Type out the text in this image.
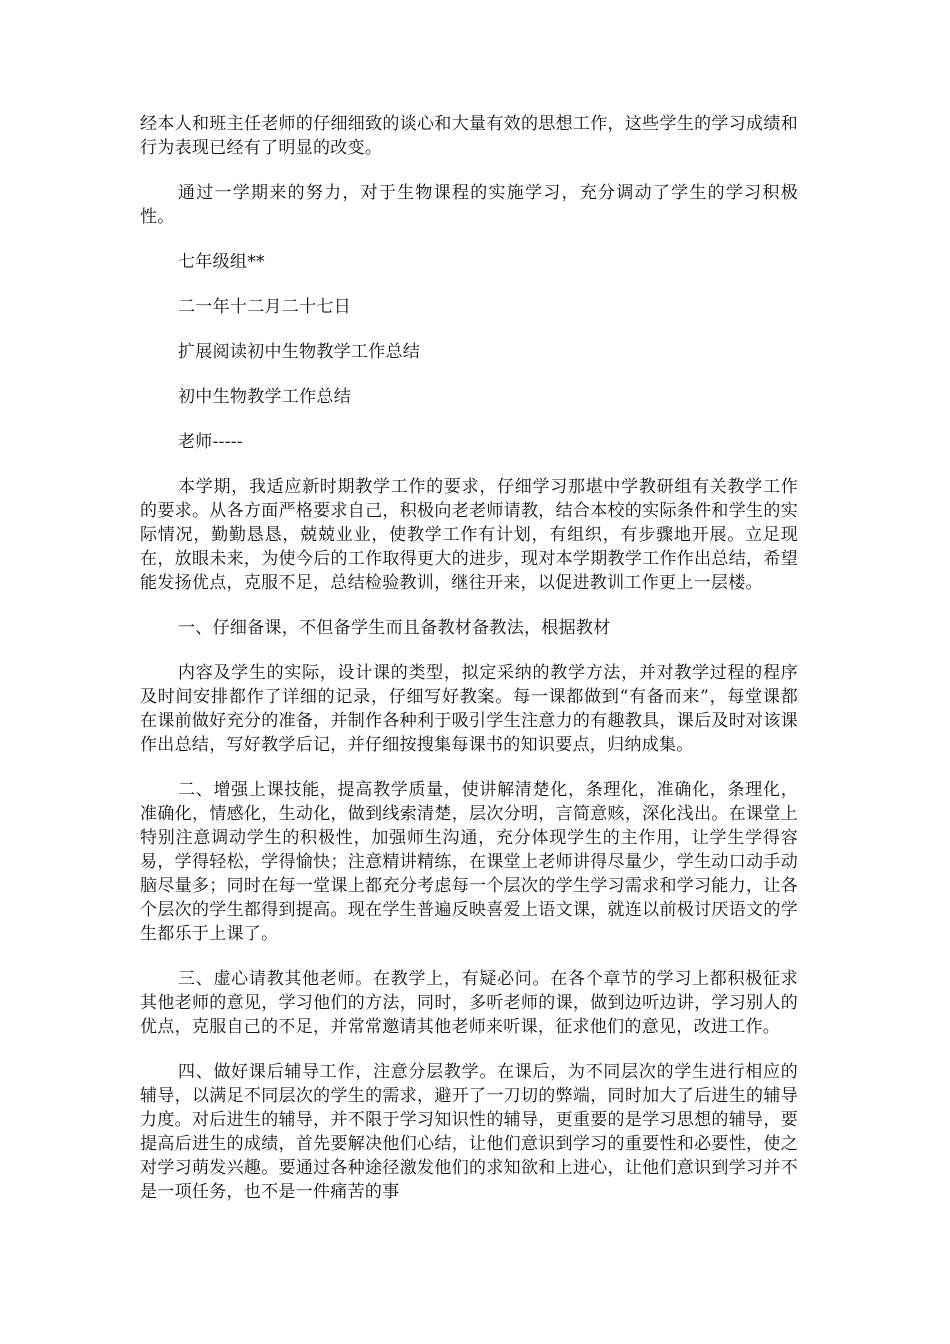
经本人和班主任老师的仔细细致的谈心和大量有效的思想工作，这些学生的学习成绩和行为表现已经有了明显的改变。

通过一学期来的努力，对于生物课程的实施学习，充分调动了学生的学习积极性。

七年级组**

二一年十二月二十七日

扩展阅读初中生物教学工作总结

初中生物教学工作总结

老师-----

本学期，我适应新时期教学工作的要求，仔细学习那堪中学教研组有关教学工作的要求。从各方面严格要求自己，积极向老老师请教，结合本校的实际条件和学生的实际情况，勤勤恳恳，兢兢业业，使教学工作有计划，有组织，有步骤地开展。立足现在，放眼未来，为使今后的工作取得更大的进步，现对本学期教学工作作出总结，希望能发扬优点，克服不足，总结检验教训，继往开来，以促进教训工作更上一层楼。

一、仔细备课，不但备学生而且备教材备教法，根据教材

内容及学生的实际，设计课的类型，拟定采纳的教学方法，并对教学过程的程序及时间安排都作了详细的记录，仔细写好教案。每一课都做到“有备而来”，每堂课都在课前做好充分的准备，并制作各种利于吸引学生注意力的有趣教具，课后及时对该课作出总结，写好教学后记，并仔细按搜集每课书的知识要点，归纳成集。

二、增强上课技能，提高教学质量，使讲解清楚化，条理化，准确化，条理化，准确化，情感化，生动化，做到线索清楚，层次分明，言简意赅，深化浅出。在课堂上特别注意调动学生的积极性，加强师生沟通，充分体现学生的主作用，让学生学得容易，学得轻松，学得愉快；注意精讲精练，在课堂上老师讲得尽量少，学生动口动手动脑尽量多；同时在每一堂课上都充分考虑每一个层次的学生学习需求和学习能力，让各个层次的学生都得到提高。现在学生普遍反映喜爱上语文课，就连以前极讨厌语文的学生都乐于上课了。

三、虚心请教其他老师。在教学上，有疑必问。在各个章节的学习上都积极征求其他老师的意见，学习他们的方法，同时，多听老师的课，做到边听边讲，学习别人的优点，克服自己的不足，并常常邀请其他老师来听课，征求他们的意见，改进工作。

四、做好课后辅导工作，注意分层教学。在课后，为不同层次的学生进行相应的辅导，以满足不同层次的学生的需求，避开了一刀切的弊端，同时加大了后进生的辅导力度。对后进生的辅导，并不限于学习知识性的辅导，更重要的是学习思想的辅导，要提高后进生的成绩，首先要解决他们心结，让他们意识到学习的重要性和必要性，使之对学习萌发兴趣。要通过各种途径激发他们的求知欲和上进心，让他们意识到学习并不是一项任务，也不是一件痛苦的事
